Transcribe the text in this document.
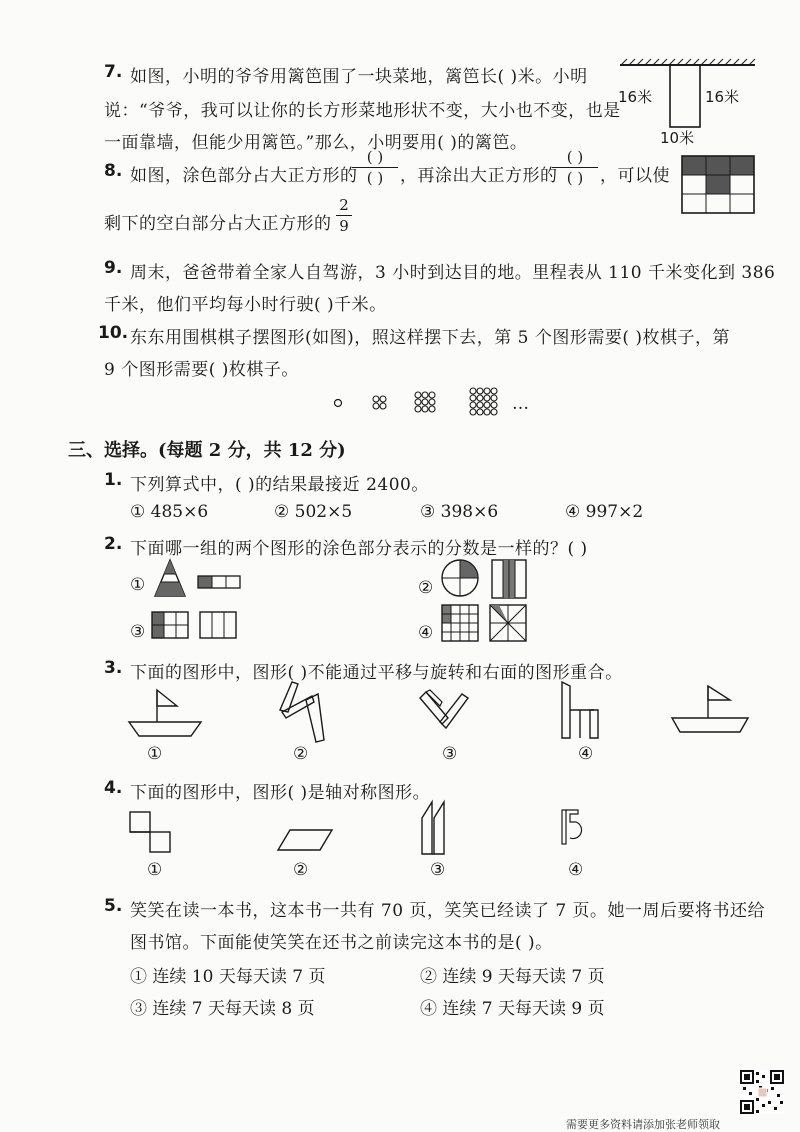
7. 如图，小明的爷爷用篱笆围了一块菜地，篱笆长( )米。小明
说：“爷爷，我可以让你的长方形菜地形状不变，大小也不变，也是
一面靠墙，但能少用篱笆。”那么，小明要用( )的篱笆。
16米	16米
10米
8. 如图，涂色部分占大正方形的
( )
( ) ，再涂出大正方形的
( )
( ) ，可以使
剩下的空白部分占大正方形的
2
9
9. 周末，爸爸带着全家人自驾游，3 小时到达目的地。里程表从 110 千米变化到 386
千米，他们平均每小时行驶( )千米。
10. 东东用围棋棋子摆图形(如图)，照这样摆下去，第 5 个图形需要( )枚棋子，第
9 个图形需要( )枚棋子。
…
三、选择。(每题 2 分，共 12 分)
1. 下列算式中，( )的结果最接近 2400。
① 485×6	② 502×5	③ 398×6	④ 997×2
2. 下面哪一组的两个图形的涂色部分表示的分数是一样的？( )
①	②
③	④
3. 下面的图形中，图形( )不能通过平移与旋转和右面的图形重合。
①	②	③	④
4. 下面的图形中，图形( )是轴对称图形。
①	②	③	④
5. 笑笑在读一本书，这本书一共有 70 页，笑笑已经读了 7 页。她一周后要将书还给
图书馆。下面能使笑笑在还书之前读完这本书的是( )。
① 连续 10 天每天读 7 页	② 连续 9 天每天读 7 页
③ 连续 7 天每天读 8 页	④ 连续 7 天每天读 9 页
需要更多资料请添加张老师领取
